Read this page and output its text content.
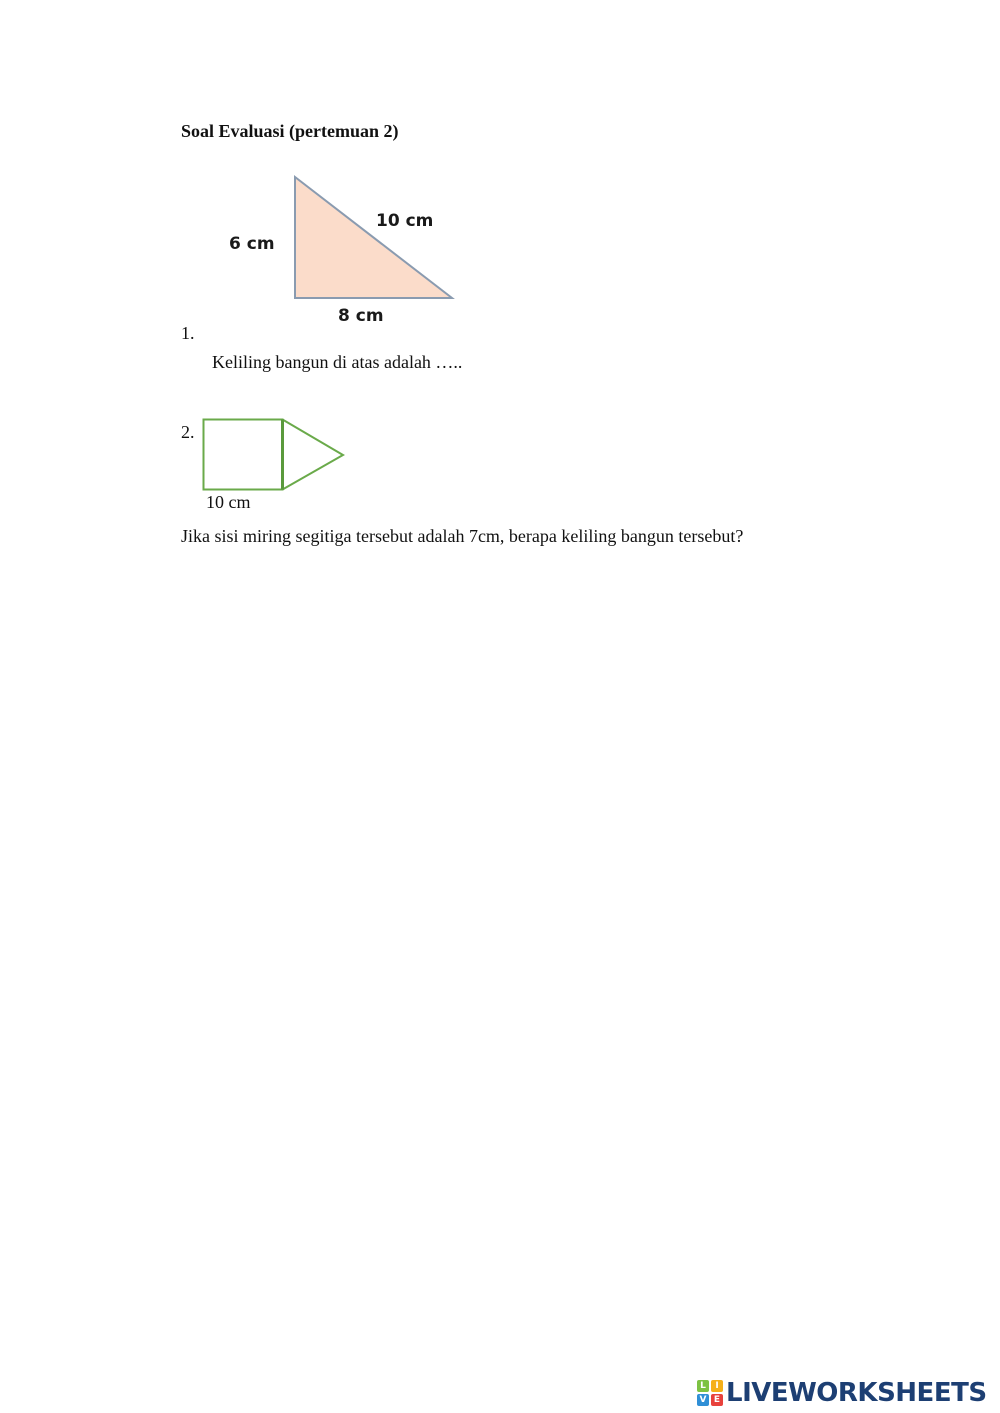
Soal Evaluasi (pertemuan 2)
6 cm
10 cm
8 cm
1.
Keliling bangun di atas adalah …..
2.
10 cm
Jika sisi miring segitiga tersebut adalah 7cm, berapa keliling bangun tersebut?
L	I
V E LIVEWORKSHEETS
